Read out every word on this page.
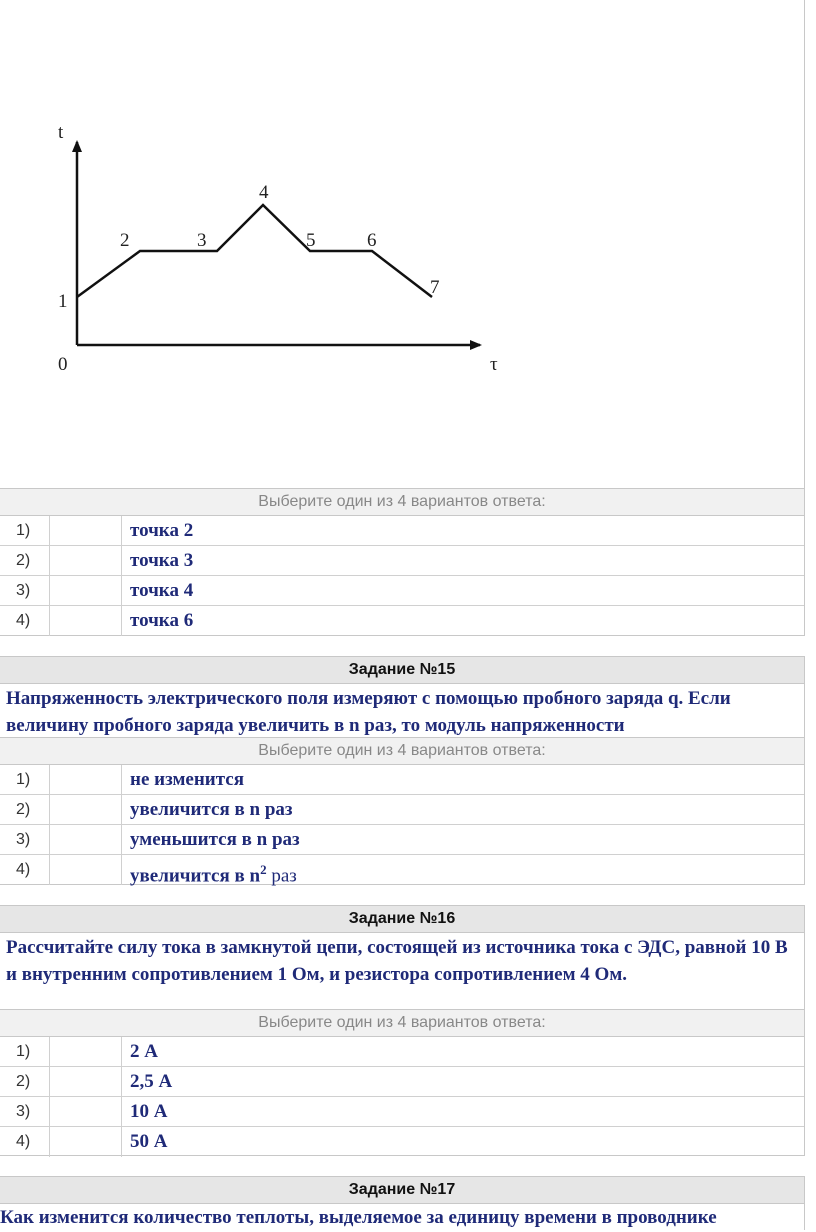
t
τ
0
1
2	3
4
5	6
7
Выберите один из 4 вариантов ответа:
1)	точка 2
2)	точка 3
3)	точка 4
4)	точка 6
Задание №15
Напряженность электрического поля измеряют с помощью пробного заряда q. Если величину пробного заряда увеличить в n раз, то модуль напряженности
Выберите один из 4 вариантов ответа:
1)	не изменится
2)	увеличится в n раз
3)	уменьшится в n раз
4)	увеличится в $n^2$ раз
Задание №16
Рассчитайте силу тока в замкнутой цепи, состоящей из источника тока с ЭДС, равной 10 В и внутренним сопротивлением 1 Ом, и резистора сопротивлением 4 Ом.
Выберите один из 4 вариантов ответа:
1)	2 А
2)	2,5 А
3)	10 А
4)	50 А
Задание №17
Как изменится количество теплоты, выделяемое за единицу времени в проводнике
